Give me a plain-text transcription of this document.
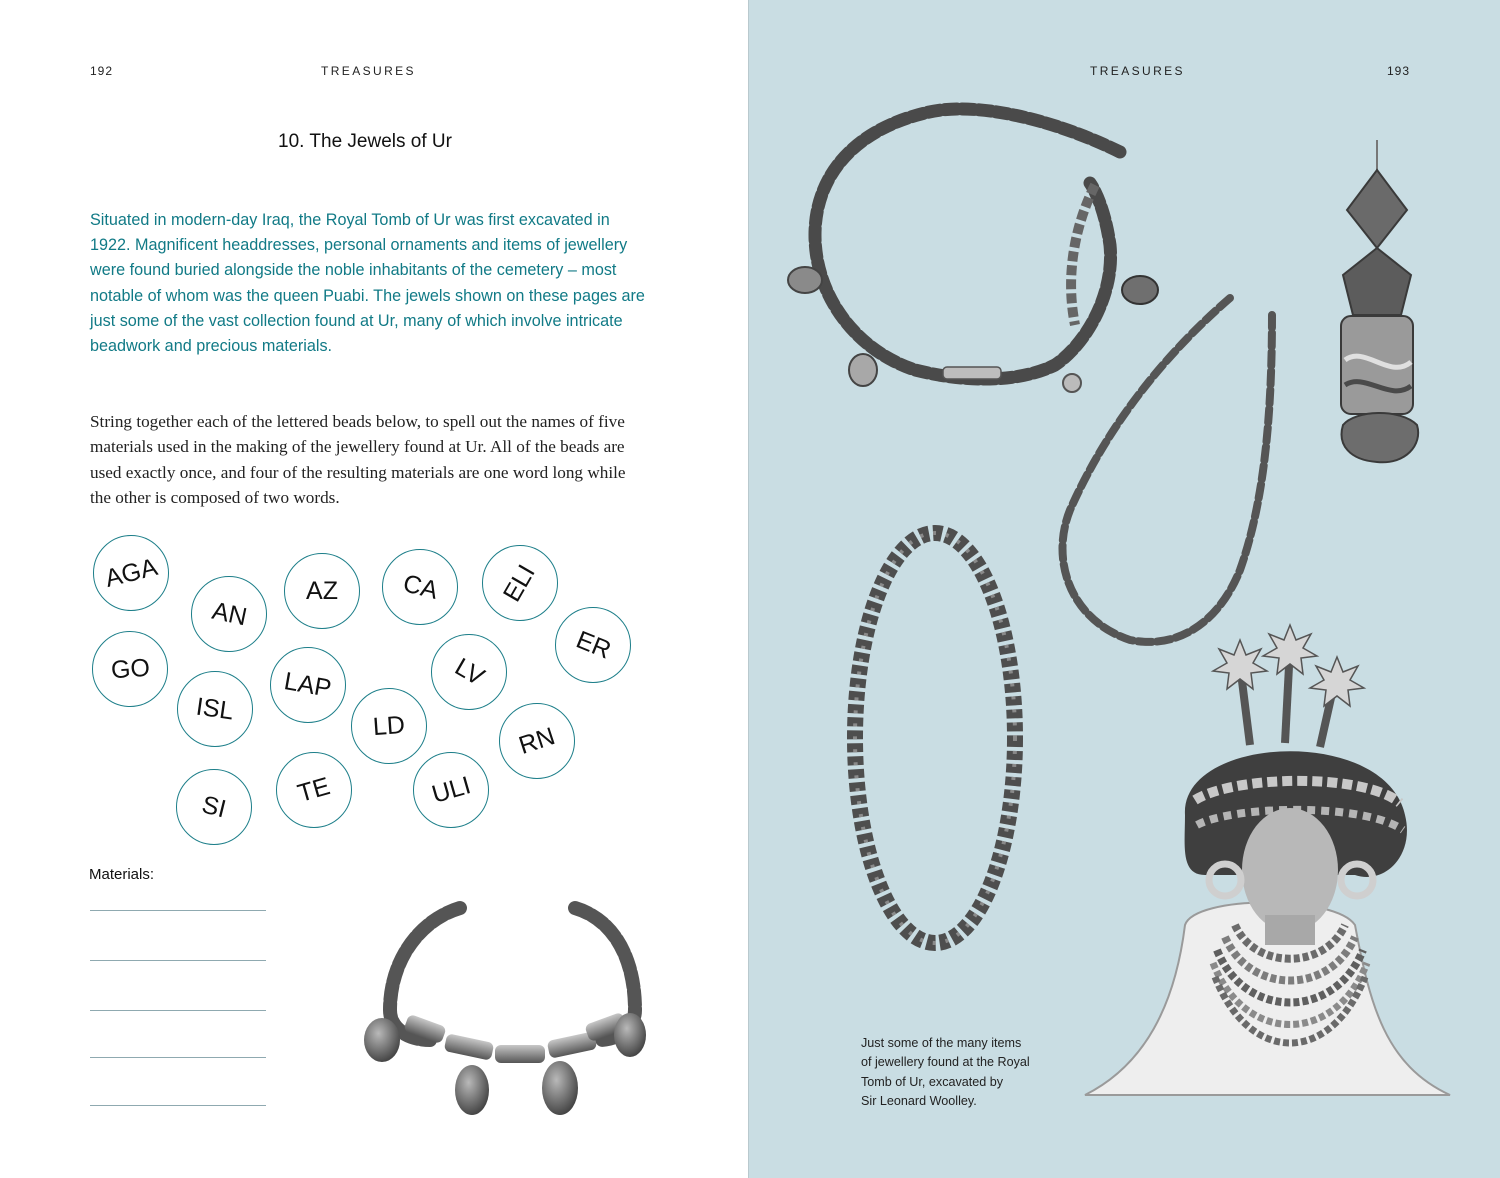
192	TREASURES
10. The Jewels of Ur

Situated in modern-day Iraq, the Royal Tomb of Ur was first excavated in 1922. Magnificent headdresses, personal ornaments and items of jewellery were found buried alongside the noble inhabitants of the cemetery – most notable of whom was the queen Puabi. The jewels shown on these pages are just some of the vast collection found at Ur, many of which involve intricate beadwork and precious materials.

String together each of the lettered beads below, to spell out the names of five materials used in the making of the jewellery found at Ur. All of the beads are used exactly once, and four of the resulting materials are one word long while the other is composed of two words.

AGA
AN
AZ CA ELI
ER
GO
ISL
LAP	LV
LD	RN
SI	TE	ULI
Materials:
TREASURES	193
Just some of the many items
of jewellery found at the Royal
Tomb of Ur, excavated by
Sir Leonard Woolley.
